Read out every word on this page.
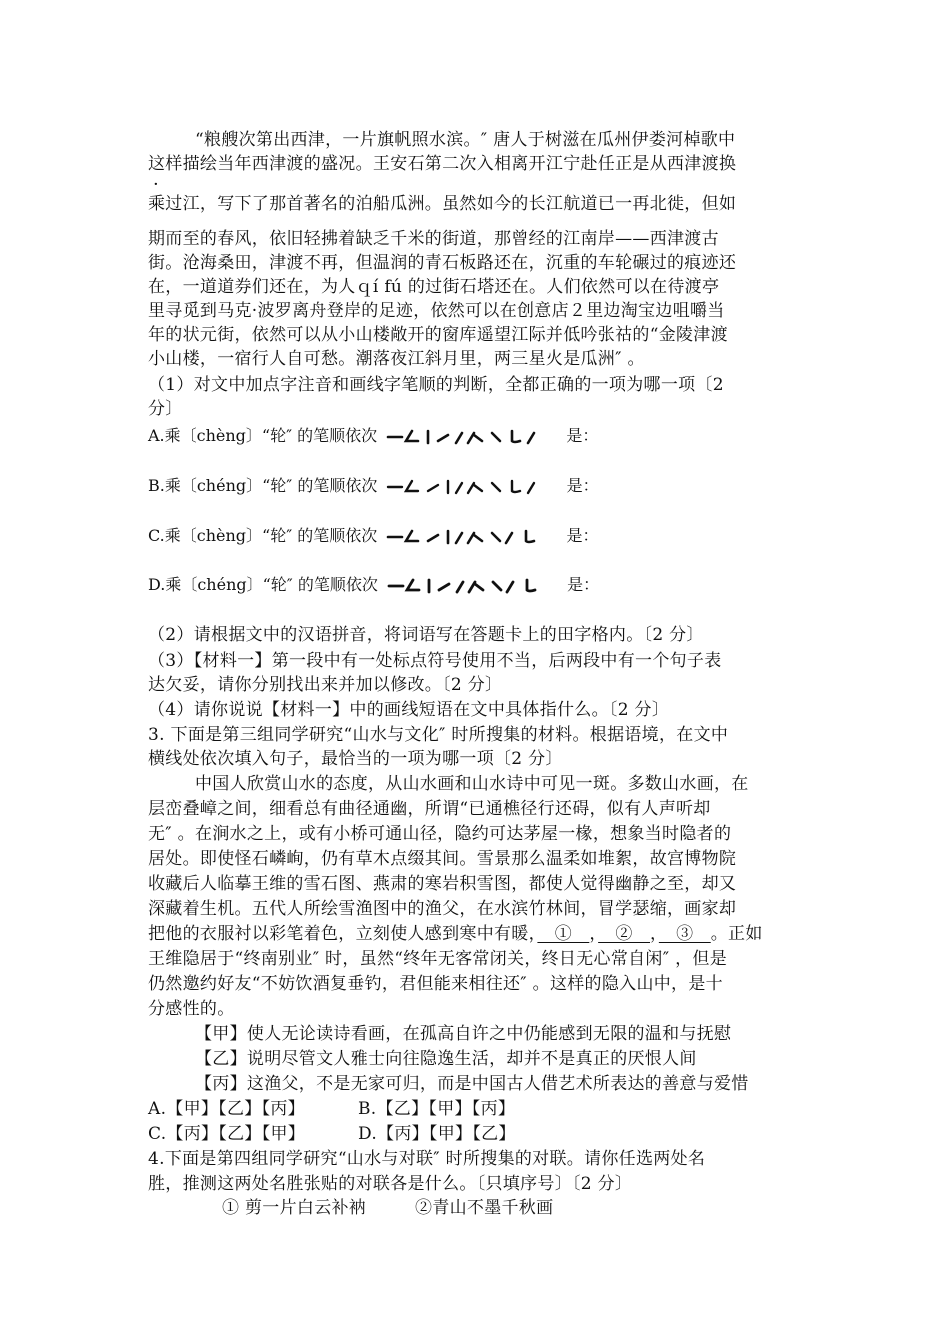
“粮艘次第出西津，一片旗帆照水滨。″ 唐人于树滋在瓜州伊娄河棹歌中
这样描绘当年西津渡的盛况。王安石第二次入相离开江宁赴任正是从西津渡换
·
乘过江，写下了那首著名的泊船瓜洲。虽然如今的长江航道已一再北徙，但如
期而至的春风，依旧轻拂着缺乏千米的街道，那曾经的江南岸——西津渡古
街。沧海桑田，津渡不再，但温润的青石板路还在，沉重的车轮碾过的痕迹还
在，一道道券们还在，为人ｑí fú 的过街石塔还在。人们依然可以在待渡亭
里寻觅到马克·波罗离舟登岸的足迹，依然可以在创意店２里边淘宝边咀嚼当
年的状元街，依然可以从小山楼敞开的窗库遥望江际并低吟张祜的“金陵津渡
小山楼，一宿行人自可愁。潮落夜江斜月里，两三星火是瓜洲″ 。
（1）对文中加点字注音和画线字笔顺的判断，全都正确的一项为哪一项〔2
分〕
A.乘〔chèng〕“轮″ 的笔顺依次	是：
B.乘〔chéng〕“轮″ 的笔顺依次	是：
C.乘〔chèng〕“轮″ 的笔顺依次	是：
D.乘〔chéng〕“轮″ 的笔顺依次	是：
（2）请根据文中的汉语拼音，将词语写在答题卡上的田字格内。〔2 分〕
（3）【材料一】第一段中有一处标点符号使用不当，后两段中有一个句子表
达欠妥，请你分别找出来并加以修改。〔2 分〕
（4）请你说说【材料一】中的画线短语在文中具体指什么。〔2 分〕
3. 下面是第三组同学研究“山水与文化″ 时所搜集的材料。根据语境，在文中
横线处依次填入句子，最恰当的一项为哪一项〔2 分〕
中国人欣赏山水的态度，从山水画和山水诗中可见一斑。多数山水画，在
层峦叠嶂之间，细看总有曲径通幽，所谓“已通樵径行还碍，似有人声听却
无″ 。在涧水之上，或有小桥可通山径，隐约可达茅屋一椽，想象当时隐者的
居处。即使怪石嶙峋，仍有草木点缀其间。雪景那么温柔如堆絮，故宫博物院
收藏后人临摹王维的雪石图、燕肃的寒岩积雪图，都使人觉得幽静之至，却又
深藏着生机。五代人所绘雪渔图中的渔父，在水滨竹林间，冒学瑟缩，画家却
把他的衣服衬以彩笔着色，立刻使人感到寒中有暖，　①　，　②　，　③　。正如
王维隐居于“终南别业″ 时，虽然“终年无客常闭关，终日无心常自闲″ ，但是
仍然邀约好友“不妨饮酒复垂钓，君但能来相往还″ 。这样的隐入山中，是十
分感性的。
【甲】使人无论读诗看画，在孤高自许之中仍能感到无限的温和与抚慰
【乙】说明尽管文人雅士向往隐逸生活，却并不是真正的厌恨人间
【丙】这渔父，不是无家可归，而是中国古人借艺术所表达的善意与爱惜
A.【甲】【乙】【丙】	B.【乙】【甲】【丙】
C.【丙】【乙】【甲】	D.【丙】【甲】【乙】
4.下面是第四组同学研究“山水与对联″ 时所搜集的对联。请你任选两处名
胜，推测这两处名胜张贴的对联各是什么。〔只填序号〕〔2 分〕
① 剪一片白云补衲	②青山不墨千秋画
